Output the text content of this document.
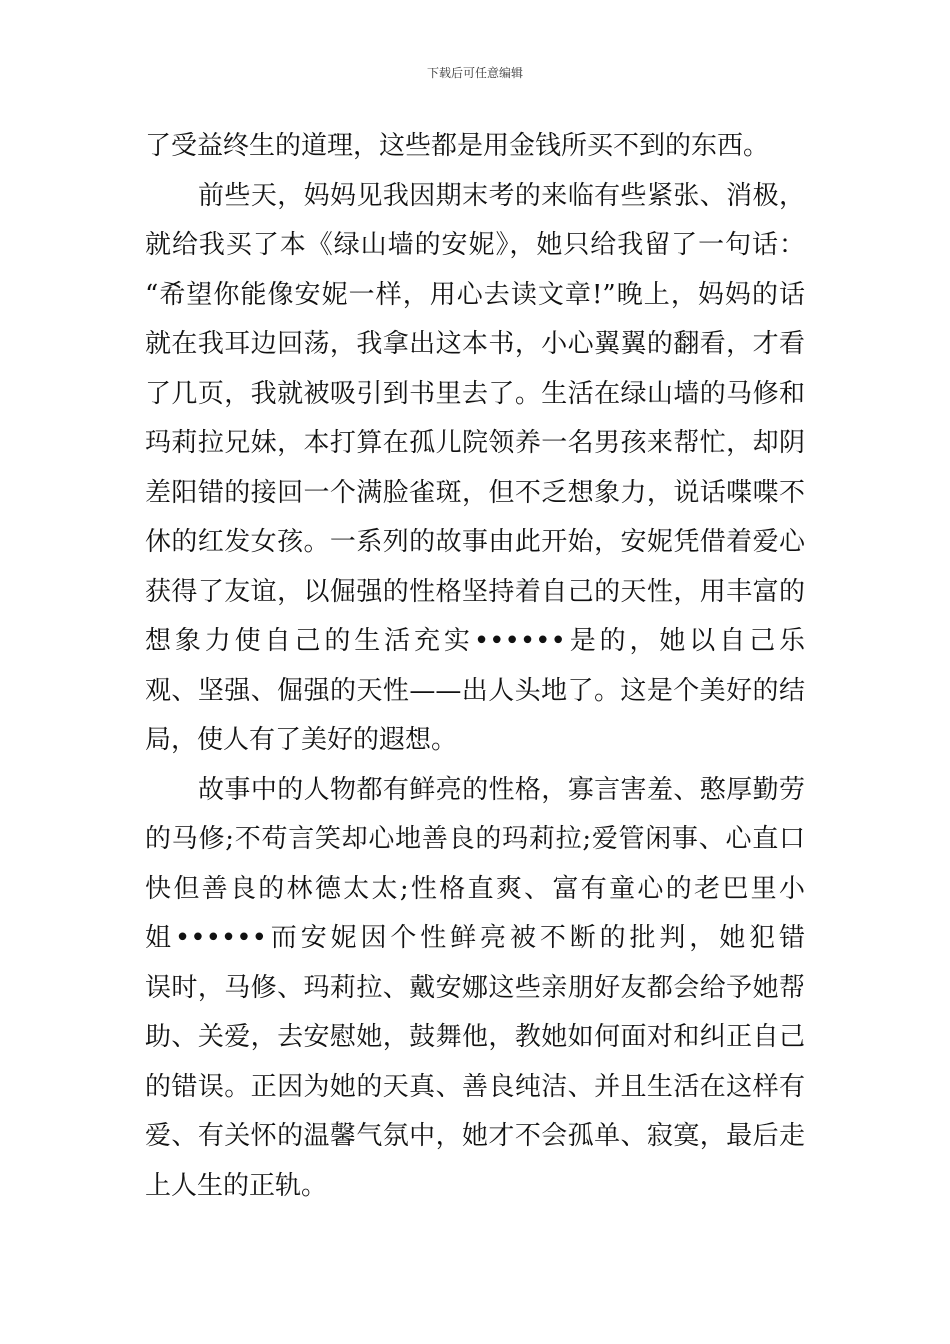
下载后可任意编辑
了受益终生的道理，这些都是用金钱所买不到的东西。
前些天，妈妈见我因期末考的来临有些紧张、消极，
就给我买了本《绿山墙的安妮》，她只给我留了一句话：
“希望你能像安妮一样，用心去读文章!”晚上，妈妈的话
就在我耳边回荡，我拿出这本书，小心翼翼的翻看，才看
了几页，我就被吸引到书里去了。生活在绿山墙的马修和
玛莉拉兄妹，本打算在孤儿院领养一名男孩来帮忙，却阴
差阳错的接回一个满脸雀斑，但不乏想象力，说话喋喋不
休的红发女孩。一系列的故事由此开始，安妮凭借着爱心
获得了友谊，以倔强的性格坚持着自己的天性，用丰富的
想象力使自己的生活充实••••••是的，她以自己乐
观、坚强、倔强的天性——出人头地了。这是个美好的结
局，使人有了美好的遐想。
故事中的人物都有鲜亮的性格，寡言害羞、憨厚勤劳
的马修;不苟言笑却心地善良的玛莉拉;爱管闲事、心直口
快但善良的林德太太;性格直爽、富有童心的老巴里小
姐••••••而安妮因个性鲜亮被不断的批判，她犯错
误时，马修、玛莉拉、戴安娜这些亲朋好友都会给予她帮
助、关爱，去安慰她，鼓舞他，教她如何面对和纠正自己
的错误。正因为她的天真、善良纯洁、并且生活在这样有
爱、有关怀的温馨气氛中，她才不会孤单、寂寞，最后走
上人生的正轨。
